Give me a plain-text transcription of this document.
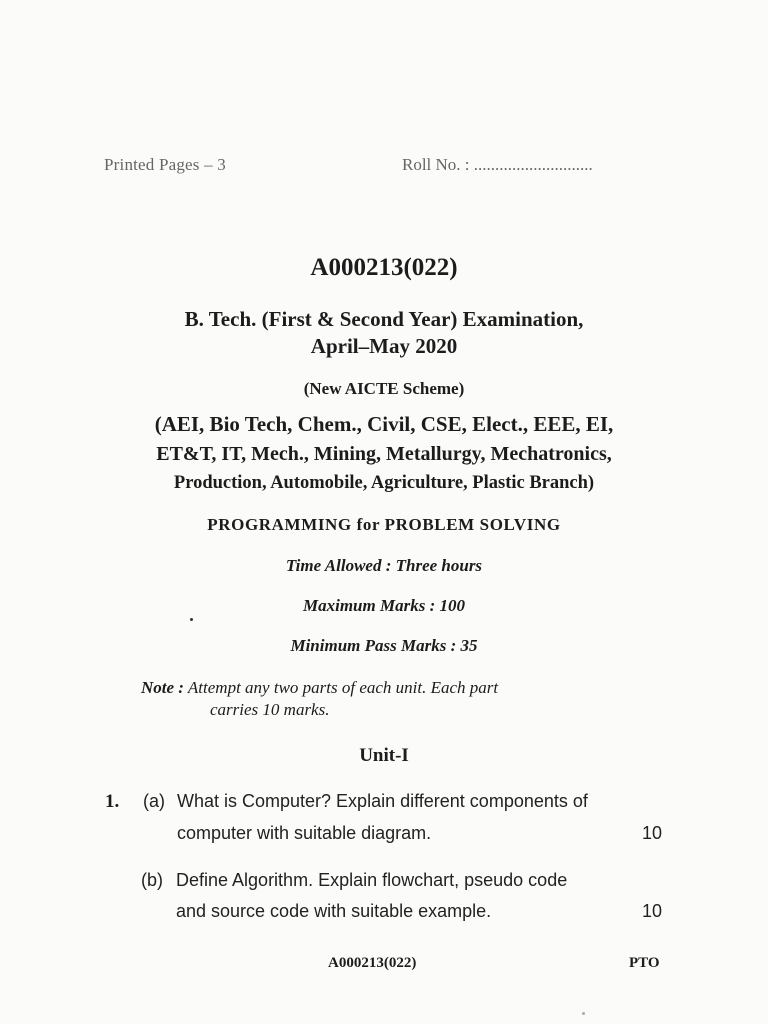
Printed Pages – 3	Roll No. : ............................
A000213(022)
B. Tech. (First & Second Year) Examination,
April–May 2020
(New AICTE Scheme)
(AEI, Bio Tech, Chem., Civil, CSE, Elect., EEE, EI,
ET&T, IT, Mech., Mining, Metallurgy, Mechatronics,
Production, Automobile, Agriculture, Plastic Branch)
PROGRAMMING for PROBLEM SOLVING
Time Allowed : Three hours
Maximum Marks : 100
Minimum Pass Marks : 35
Note : Attempt any two parts of each unit. Each part
carries 10 marks.
Unit-I
1. (a) What is Computer? Explain different components of
computer with suitable diagram.	10
(b) Define Algorithm. Explain flowchart, pseudo code
and source code with suitable example.	10
A000213(022)	PTO
